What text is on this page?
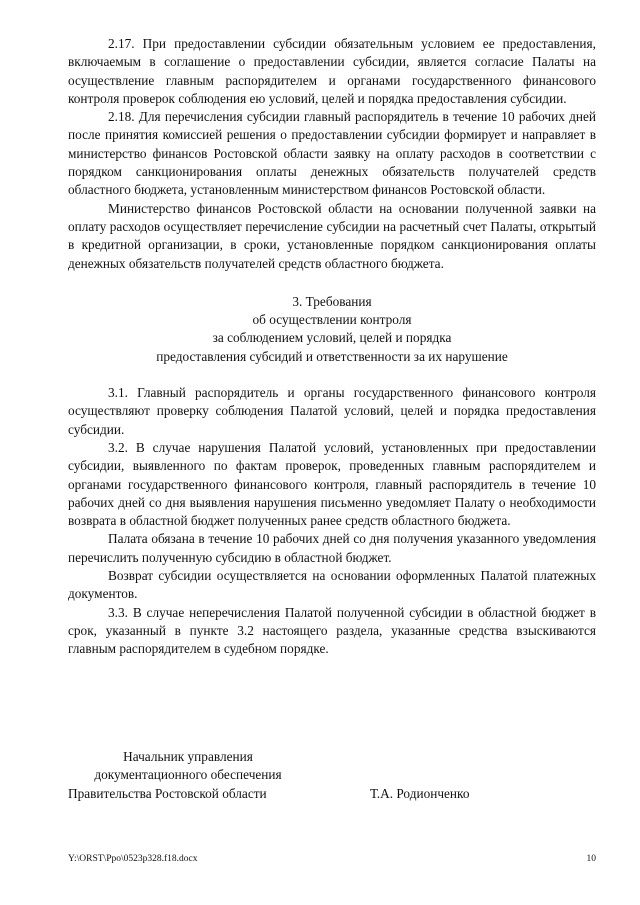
2.17. При предоставлении субсидии обязательным условием ее предоставления, включаемым в соглашение о предоставлении субсидии, является согласие Палаты на осуществление главным распорядителем и органами государственного финансового контроля проверок соблюдения ею условий, целей и порядка предоставления субсидии.

2.18. Для перечисления субсидии главный распорядитель в течение 10 рабочих дней после принятия комиссией решения о предоставлении субсидии формирует и направляет в министерство финансов Ростовской области заявку на оплату расходов в соответствии с порядком санкционирования оплаты денежных обязательств получателей средств областного бюджета, установленным министерством финансов Ростовской области.

Министерство финансов Ростовской области на основании полученной заявки на оплату расходов осуществляет перечисление субсидии на расчетный счет Палаты, открытый в кредитной организации, в сроки, установленные порядком санкционирования оплаты денежных обязательств получателей средств областного бюджета.

3. Требования
об осуществлении контроля
за соблюдением условий, целей и порядка
предоставления субсидий и ответственности за их нарушение

3.1. Главный распорядитель и органы государственного финансового контроля осуществляют проверку соблюдения Палатой условий, целей и порядка предоставления субсидии.

3.2. В случае нарушения Палатой условий, установленных при предоставлении субсидии, выявленного по фактам проверок, проведенных главным распорядителем и органами государственного финансового контроля, главный распорядитель в течение 10 рабочих дней со дня выявления нарушения письменно уведомляет Палату о необходимости возврата в областной бюджет полученных ранее средств областного бюджета.

Палата обязана в течение 10 рабочих дней со дня получения указанного уведомления перечислить полученную субсидию в областной бюджет.

Возврат субсидии осуществляется на основании оформленных Палатой платежных документов.

3.3. В случае неперечисления Палатой полученной субсидии в областной бюджет в срок, указанный в пункте 3.2 настоящего раздела, указанные средства взыскиваются главным распорядителем в судебном порядке.

Начальник управления
документационного обеспечения
Правительства Ростовской области	Т.А. Родионченко
Y:\ORST\Ppo\0523p328.f18.docx	10
